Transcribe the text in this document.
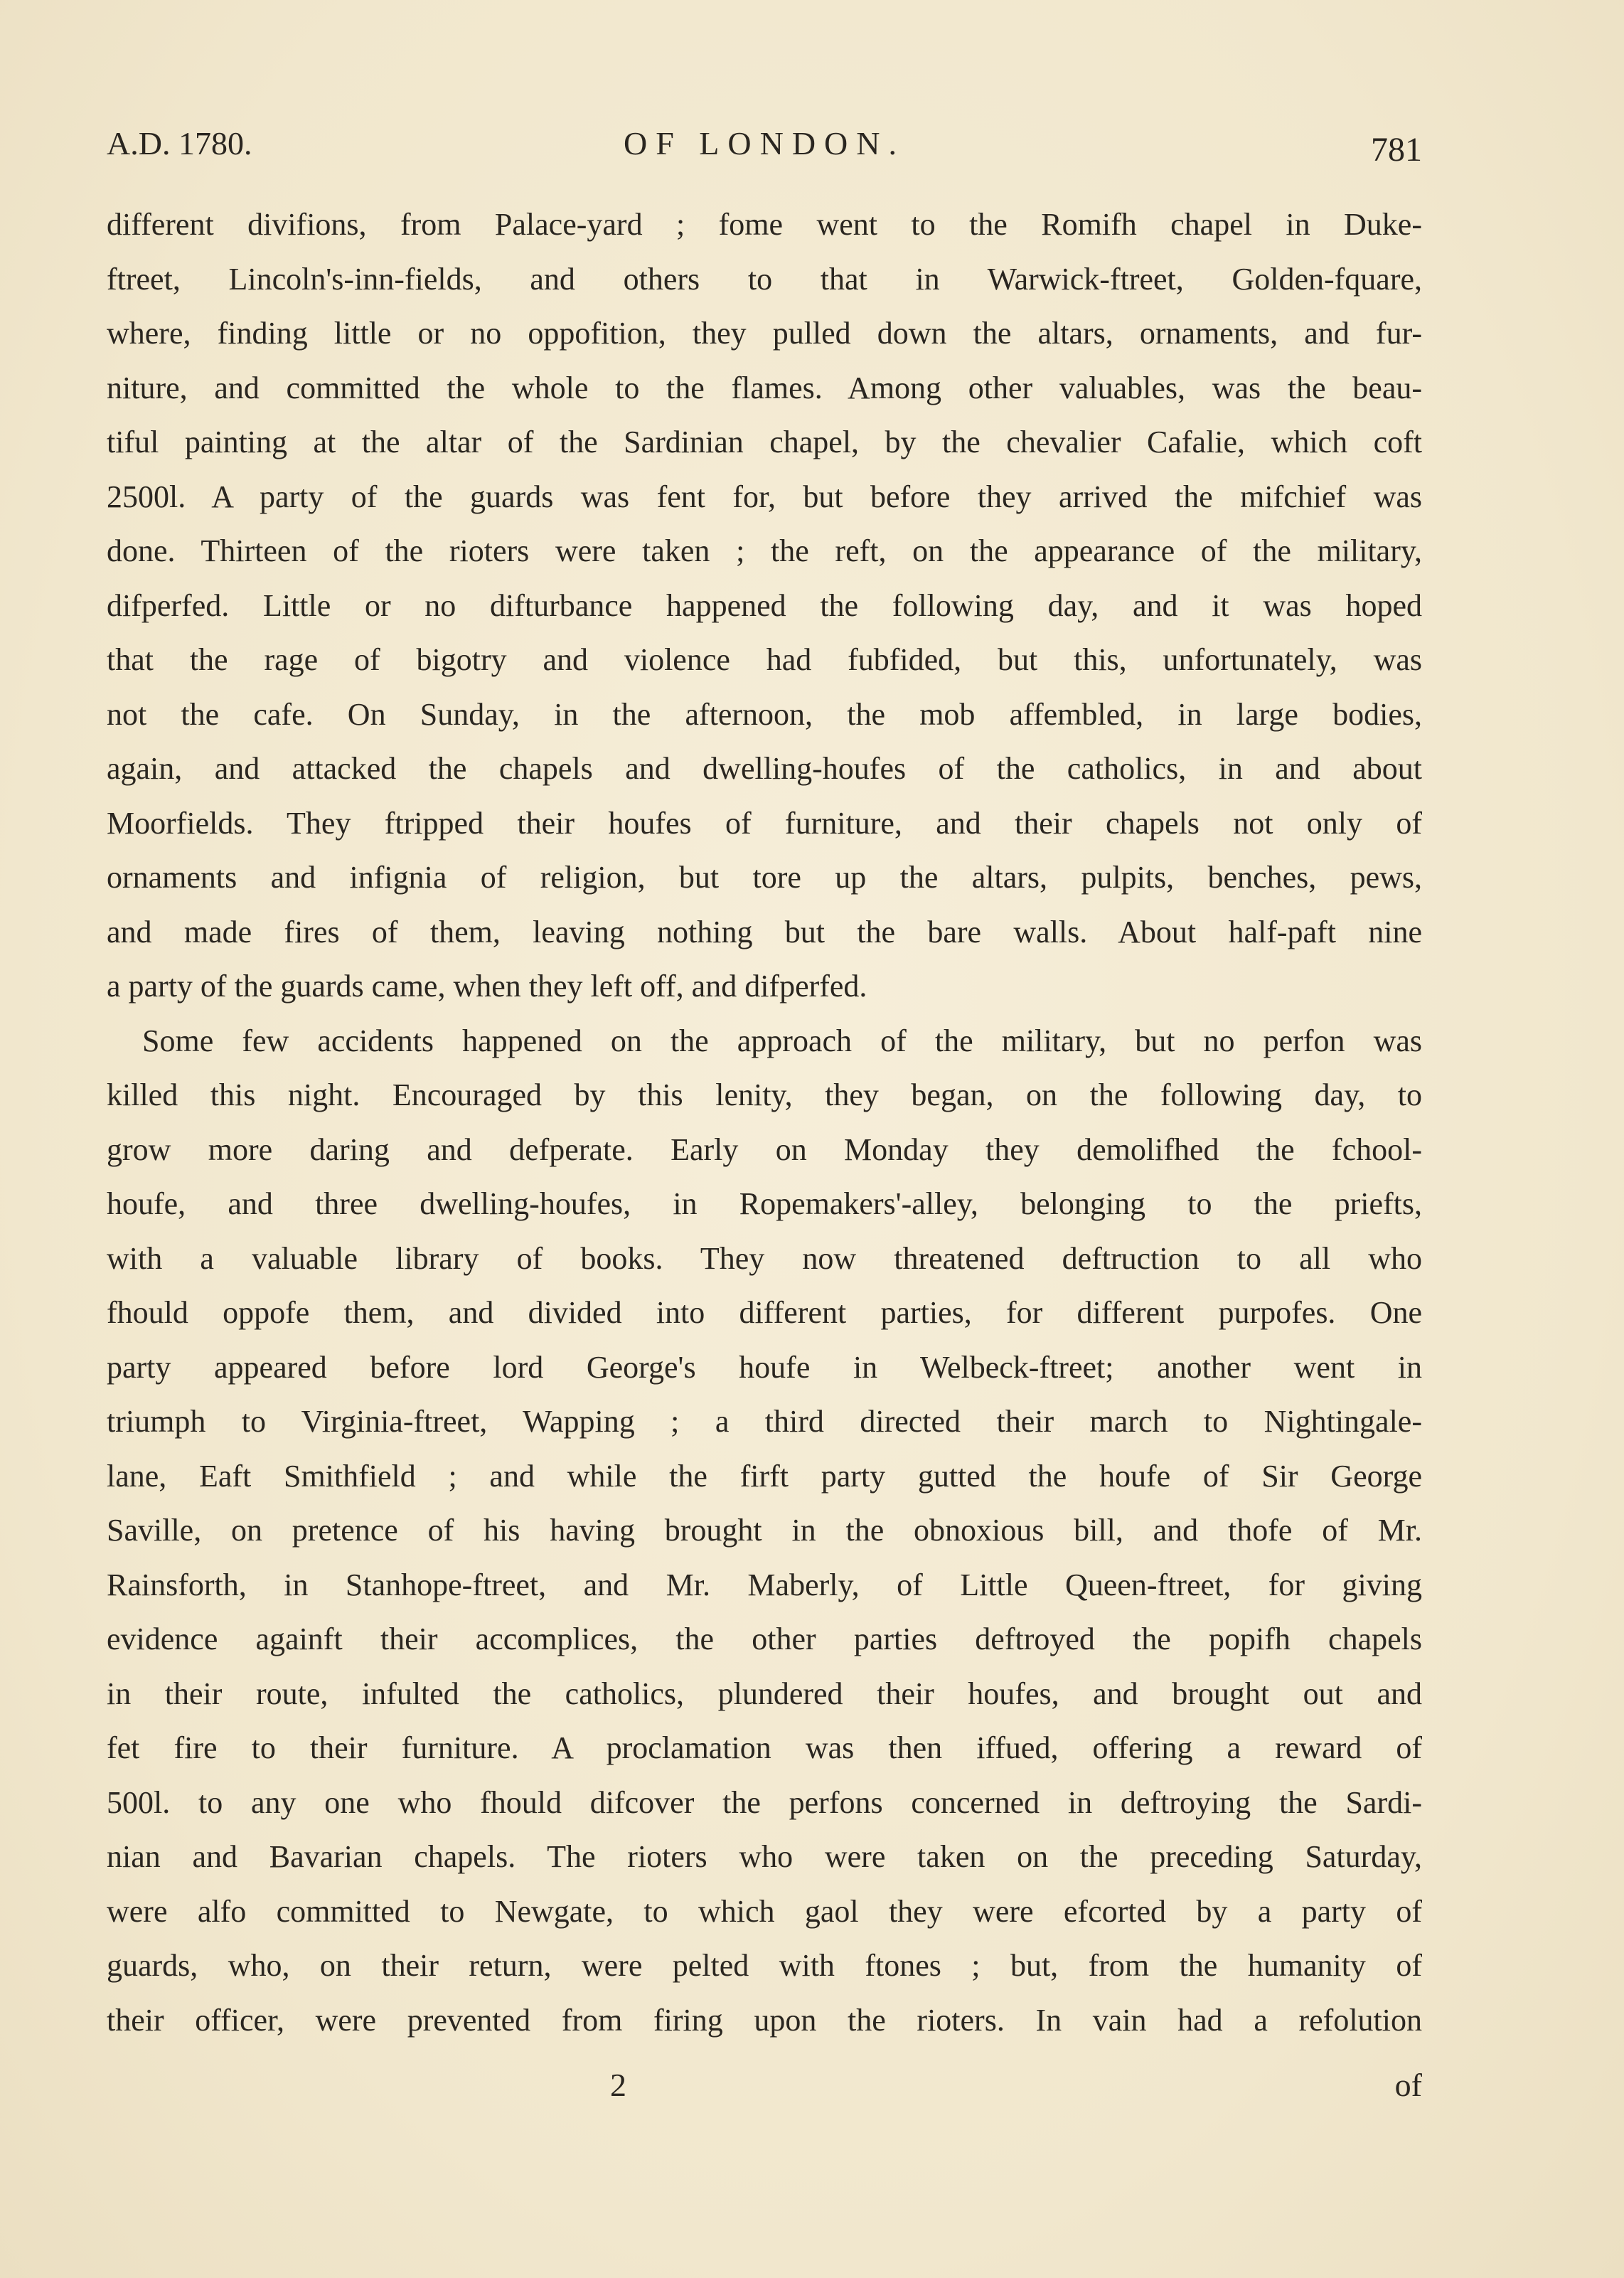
A.D. 1780.	OF LONDON.	781
different divifions, from Palace-yard ; fome went to the Romifh chapel in Duke-
ftreet, Lincoln's-inn-fields, and others to that in Warwick-ftreet, Golden-fquare,
where, finding little or no oppofition, they pulled down the altars, ornaments, and fur-
niture, and committed the whole to the flames. Among other valuables, was the beau-
tiful painting at the altar of the Sardinian chapel, by the chevalier Cafalie, which coft
2500l. A party of the guards was fent for, but before they arrived the mifchief was
done. Thirteen of the rioters were taken ; the reft, on the appearance of the military,
difperfed. Little or no difturbance happened the following day, and it was hoped
that the rage of bigotry and violence had fubfided, but this, unfortunately, was
not the cafe. On Sunday, in the afternoon, the mob affembled, in large bodies,
again, and attacked the chapels and dwelling-houfes of the catholics, in and about
Moorfields. They ftripped their houfes of furniture, and their chapels not only of
ornaments and infignia of religion, but tore up the altars, pulpits, benches, pews,
and made fires of them, leaving nothing but the bare walls. About half-paft nine
a party of the guards came, when they left off, and difperfed.
Some few accidents happened on the approach of the military, but no perfon was
killed this night. Encouraged by this lenity, they began, on the following day, to
grow more daring and defperate. Early on Monday they demolifhed the fchool-
houfe, and three dwelling-houfes, in Ropemakers'-alley, belonging to the priefts,
with a valuable library of books. They now threatened deftruction to all who
fhould oppofe them, and divided into different parties, for different purpofes. One
party appeared before lord George's houfe in Welbeck-ftreet; another went in
triumph to Virginia-ftreet, Wapping ; a third directed their march to Nightingale-
lane, Eaft Smithfield ; and while the firft party gutted the houfe of Sir George
Saville, on pretence of his having brought in the obnoxious bill, and thofe of Mr.
Rainsforth, in Stanhope-ftreet, and Mr. Maberly, of Little Queen-ftreet, for giving
evidence againft their accomplices, the other parties deftroyed the popifh chapels
in their route, infulted the catholics, plundered their houfes, and brought out and
fet fire to their furniture. A proclamation was then iffued, offering a reward of
500l. to any one who fhould difcover the perfons concerned in deftroying the Sardi-
nian and Bavarian chapels. The rioters who were taken on the preceding Saturday,
were alfo committed to Newgate, to which gaol they were efcorted by a party of
guards, who, on their return, were pelted with ftones ; but, from the humanity of
their officer, were prevented from firing upon the rioters. In vain had a refolution
2	of
